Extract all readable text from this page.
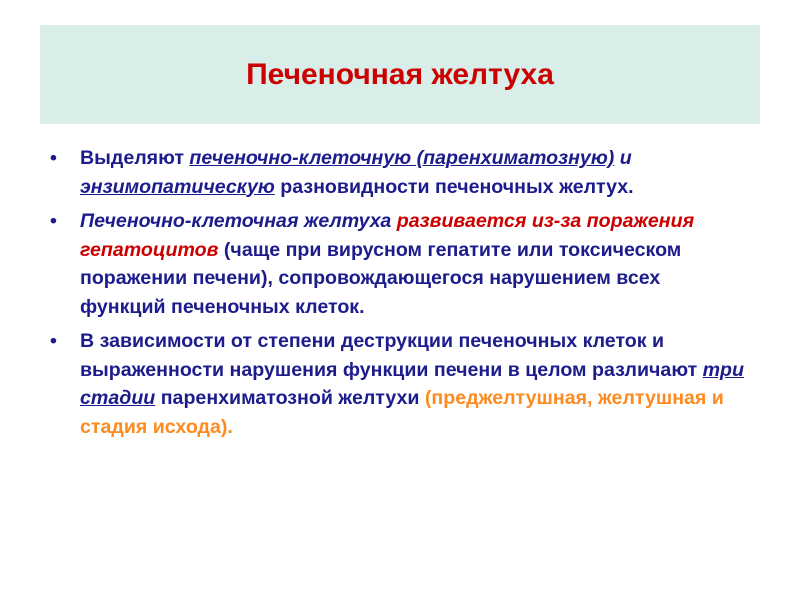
Печеночная желтуха
• Выделяют печеночно-клеточную (паренхиматозную) и энзимопатическую разновидности печеночных желтух.
• Печеночно-клеточная желтуха развивается из-за поражения гепатоцитов (чаще при вирусном гепатите или токсическом поражении печени), сопровождающегося нарушением всех функций печеночных клеток.
• В зависимости от степени деструкции печеночных клеток и выраженности нарушения функции печени в целом различают три стадии паренхиматозной желтухи (преджелтушная, желтушная и стадия исхода).
